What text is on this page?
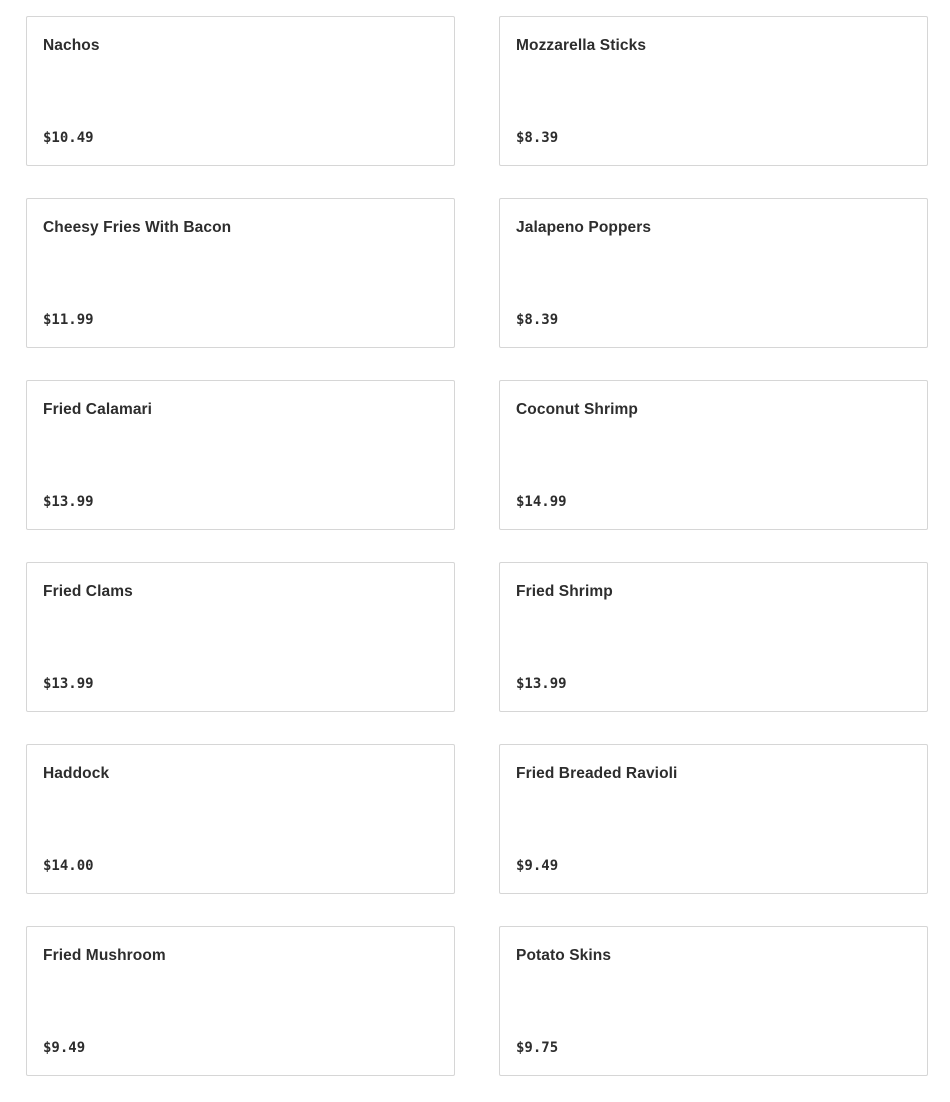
Nachos
$10.49
Mozzarella Sticks
$8.39
Cheesy Fries With Bacon
$11.99
Jalapeno Poppers
$8.39
Fried Calamari
$13.99
Coconut Shrimp
$14.99
Fried Clams
$13.99
Fried Shrimp
$13.99
Haddock
$14.00
Fried Breaded Ravioli
$9.49
Fried Mushroom
$9.49
Potato Skins
$9.75
